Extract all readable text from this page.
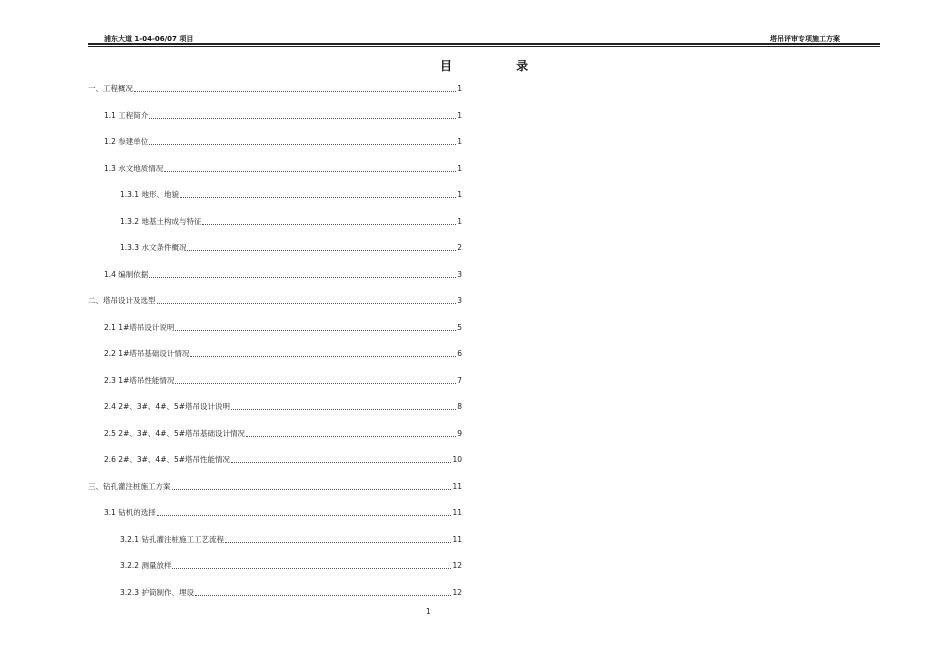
浦东大道 1-04-06/07 项目	塔吊评审专项施工方案
目 录
一、工程概况	1
1.1 工程简介	1
1.2 参建单位	1
1.3 水文地质情况	1
1.3.1 地形、地貌	1
1.3.2 地基土构成与特征	1
1.3.3 水文条件概况	2
1.4 编制依据	3
二、塔吊设计及选型	3
2.1 1#塔吊设计说明	5
2.2 1#塔吊基础设计情况	6
2.3 1#塔吊性能情况	7
2.4 2#、3#、4#、5#塔吊设计说明	8
2.5 2#、3#、4#、5#塔吊基础设计情况	9
2.6 2#、3#、4#、5#塔吊性能情况	10
三、钻孔灌注桩施工方案	11
3.1 钻机的选择	11
3.2.1 钻孔灌注桩施工工艺流程	11
3.2.2 测量放样	12
3.2.3 护筒制作、埋设	12
1
